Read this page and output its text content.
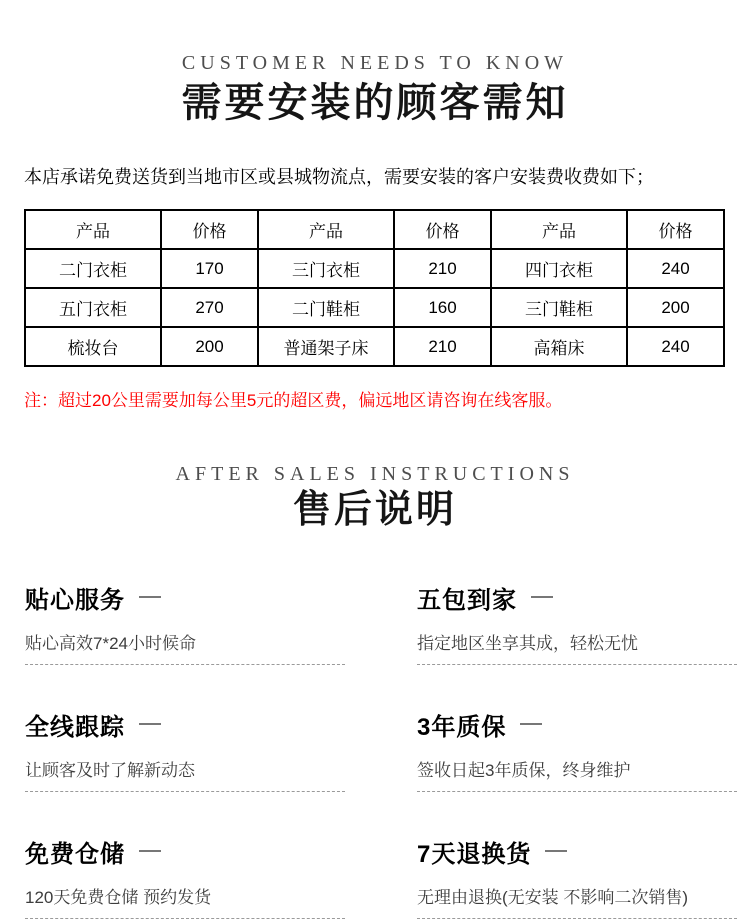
CUSTOMER NEEDS TO KNOW
需要安装的顾客需知
本店承诺免费送货到当地市区或县城物流点，需要安装的客户安装费收费如下；
产品	价格	产品	价格	产品	价格
二门衣柜	170	三门衣柜	210	四门衣柜	240
五门衣柜	270	二门鞋柜	160	三门鞋柜	200
梳妆台	200	普通架子床	210	高箱床	240
注：超过20公里需要加每公里5元的超区费，偏远地区请咨询在线客服。
AFTER SALES INSTRUCTIONS
售后说明
贴心服务
贴心高效7*24小时候命
五包到家
指定地区坐享其成，轻松无忧
全线跟踪
让顾客及时了解新动态
3年质保
签收日起3年质保，终身维护
免费仓储
120天免费仓储 预约发货
7天退换货
无理由退换(无安装 不影响二次销售)
